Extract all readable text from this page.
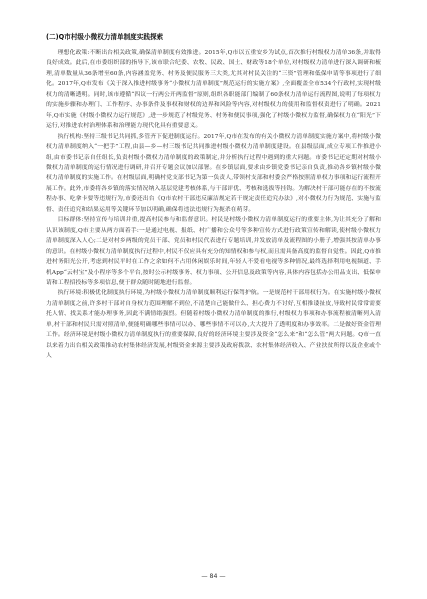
(二)Q市村级小微权力清单制度实践探索

理想化政策:不断出台相关政策,确保清单制度有效推进。2015年,Q市以五重安乡为试点,首次推行村级权力清单36条,并取得良好成效。此后,在市委组织部的指导下,该市联合纪委、农牧、民政、国土、财政等18个单位,对村级权力清单进行深入调研和梳理,清单数量从36条增至60条,内容涵盖党务、村务及便民服务三大类,尤其对村民关注的“三资”管理和低保申请等事项进行了细化。2017年,Q市发布《关于深入推进村级事务“小微权力清单制度”规范运行的实施方案》,全面覆盖全市534个行政村,实现村级权力的清晰透明。同时,该市遵循“四议一行两公开两监督”原则,组织各职能部门编制了60条权力清单运行流程图,说明了每项权力的实施步骤和办理门、工作程序、办事条件及事权和财权的边界和风险等内容,对村级权力的使用和监督权责进行了明确。2021年,Q市实施《村级小微权力运行规范》,进一步规范了村级党务、村务和便民事项,强化了村级小微权力监督,确保权力在“阳光”下运行,对推进农村治理体系和治理能力现代化具有重要意义。

执行机构:坚持三级书记共同抓,多管齐下促进制度运行。2017年,Q市在发布的有关小微权力清单制度实施方案中,将村级小微权力清单制度纳入“一把手”工程,由县—乡—村三级书记共同推进村级小微权力清单制度建设。在县级层面,成立专项工作推进小组,由市委书记亲自任组长,负责村级小微权力清单制度的政策制定,并分析执行过程中遇到的重大问题。市委书记还定期对村级小微权力清单制度的运行情况进行调研,并召开专题会议加以部署。在乡镇层面,要求由乡镇党委书记亲自负责,推动各乡镇村级小微权力清单制度的实施工作。在村级层面,明确村党支部书记为第一负责人,带领村支部和村委会严格按照清单权力事项和运行流程开展工作。此外,市委将各乡镇的落实情况纳入基层党建考核体系,与干部评优、考核和选拔等挂钩。为解决村干部可能存在的不按流程办事、吃拿卡要等违规行为,市委还出台《Q市农村干部违反廉洁规定若干规定责任追究办法》,对小微权力行为规范、实施与监督、责任追究和结果运用等关键环节加以明确,确保将违法违规行为扼杀在萌芽。

目标群体:坚持宣传与培训并重,提高村民参与和监督意识。村民是村级小微权力清单制度运行的重要主体,为让其充分了解和认识该制度,Q市主要从两方面着手:一是通过电视、报纸、村广播和公众号等多种宣传方式进行政策宣传和解读,使村级小微权力清单制度深入人心;二是对村乡两级的党员干部、党员和村民代表进行专题培训,并发放清单及流程图的小册子,增强其按清单办事的意识。在村级小微权力清单制度执行过程中,村民不仅应具有充分的知情权和参与权,而且需具备高度的监督自觉性。因此,Q市推进村务阳光公开,考虑到村民平时在工作之余如何不占用休闲娱乐时间,年轻人不爱看电视等多种情况,最终选择利用电视频道、手机App“云村宝”及小程序等多个平台,按时公示村级事务、权力事项、公开信息及政策等内容,具体内容包括办公用品支出、低保申请和工程招投标等多项信息,便于群众随时随地进行监督。

执行环境:积极优化制度执行环境,为村级小微权力清单制度顺利运行保驾护航。一是规范村干部用权行为。在实施村级小微权力清单制度之前,许多村干部对自身权力范围理解不到位,不清楚自己能做什么、担心费力不讨好,互相推诿扯皮,导致村民常常需要托人情、找关系才能办理事务,因此不满情绪强烈。但随着村级小微权力清单制度的推行,村级权力事项和办事流程被清晰列入清单,村干部和村民只需对照清单,便能明确哪些事情可以办、哪些事情不可以办,大大提升了透明度和办事效率。二是做好资金管理工作。经济环境是村级小微权力清单制度执行的重要保障,良好的经济环境主要涉及资金“怎么来”和“怎么管”两大问题。Q市一直以来着力出台相关政策推动农村集体经济发展,村级资金来源主要涉及政府拨款、农村集体经济收入、产业扶贫所得以及企业或个人

— 84 —
